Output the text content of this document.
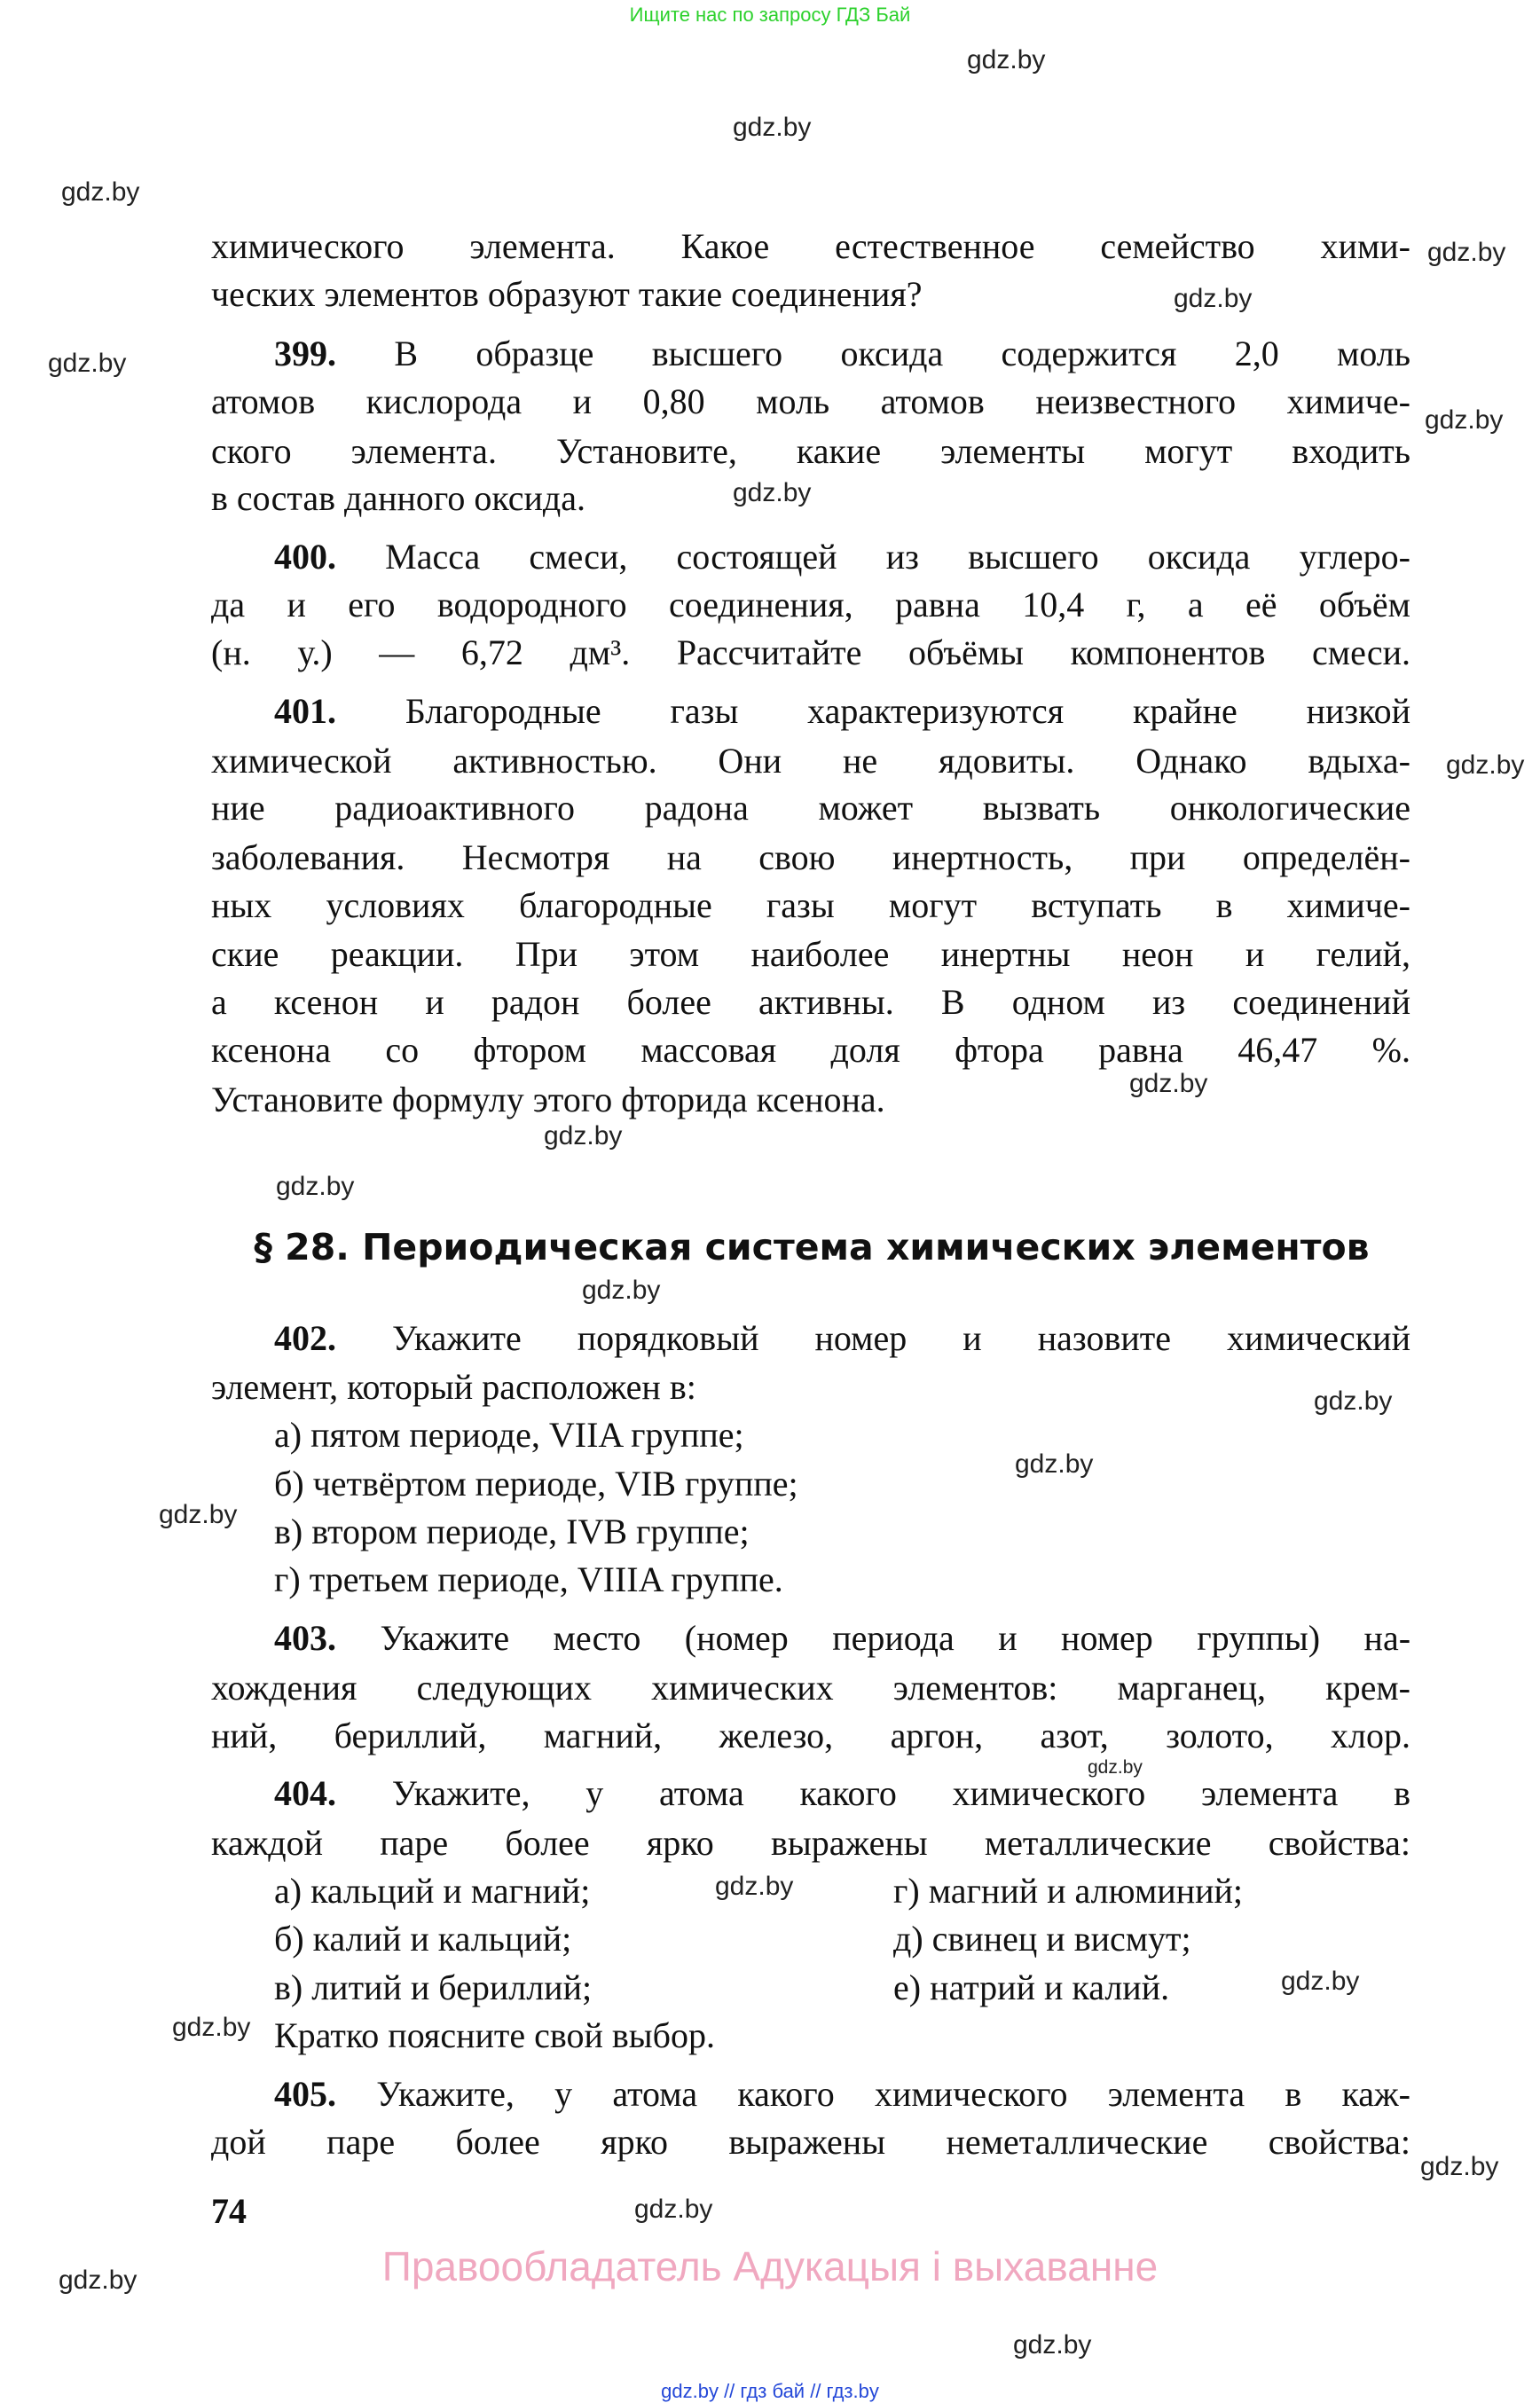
Ищите нас по запросу ГДЗ Бай
химического элемента. Какое естественное семейство хими-
ческих элементов образуют такие соединения?
399. В образце высшего оксида содержится 2,0 моль
атомов кислорода и 0,80 моль атомов неизвестного химиче-
ского элемента. Установите, какие элементы могут входить
в состав данного оксида.
400. Масса смеси, состоящей из высшего оксида углеро-
да и его водородного соединения, равна 10,4 г, а её объём
(н. у.) — 6,72 дм³. Рассчитайте объёмы компонентов смеси.
401. Благородные газы характеризуются крайне низкой
химической активностью. Они не ядовиты. Однако вдыха-
ние радиоактивного радона может вызвать онкологические
заболевания. Несмотря на свою инертность, при определён-
ных условиях благородные газы могут вступать в химиче-
ские реакции. При этом наиболее инертны неон и гелий,
а ксенон и радон более активны. В одном из соединений
ксенона со фтором массовая доля фтора равна 46,47 %.
Установите формулу этого фторида ксенона.
§ 28. Периодическая система химических элементов
402. Укажите порядковый номер и назовите химический
элемент, который расположен в:
а) пятом периоде, VIIA группе;
б) четвёртом периоде, VIB группе;
в) втором периоде, IVB группе;
г) третьем периоде, VIIIA группе.
403. Укажите место (номер периода и номер группы) на-
хождения следующих химических элементов: марганец, крем-
ний, бериллий, магний, железо, аргон, азот, золото, хлор.
404. Укажите, у атома какого химического элемента в
каждой паре более ярко выражены металлические свойства:
а) кальций и магний;	г) магний и алюминий;
б) калий и кальций;	д) свинец и висмут;
в) литий и бериллий;	е) натрий и калий.
Кратко поясните свой выбор.
405. Укажите, у атома какого химического элемента в каж-
дой паре более ярко выражены неметаллические свойства:
74
Правообладатель Адукацыя і выхаванне
gdz.by
gdz.by
gdz.by
gdz.by
gdz.by
gdz.by
gdz.by
gdz.by
gdz.by
gdz.by
gdz.by
gdz.by
gdz.by
gdz.by
gdz.by
gdz.by
gdz.by
gdz.by
gdz.by
gdz.by
gdz.by
gdz.by
gdz.by
gdz.by
gdz.by // гдз бай // гдз.by
